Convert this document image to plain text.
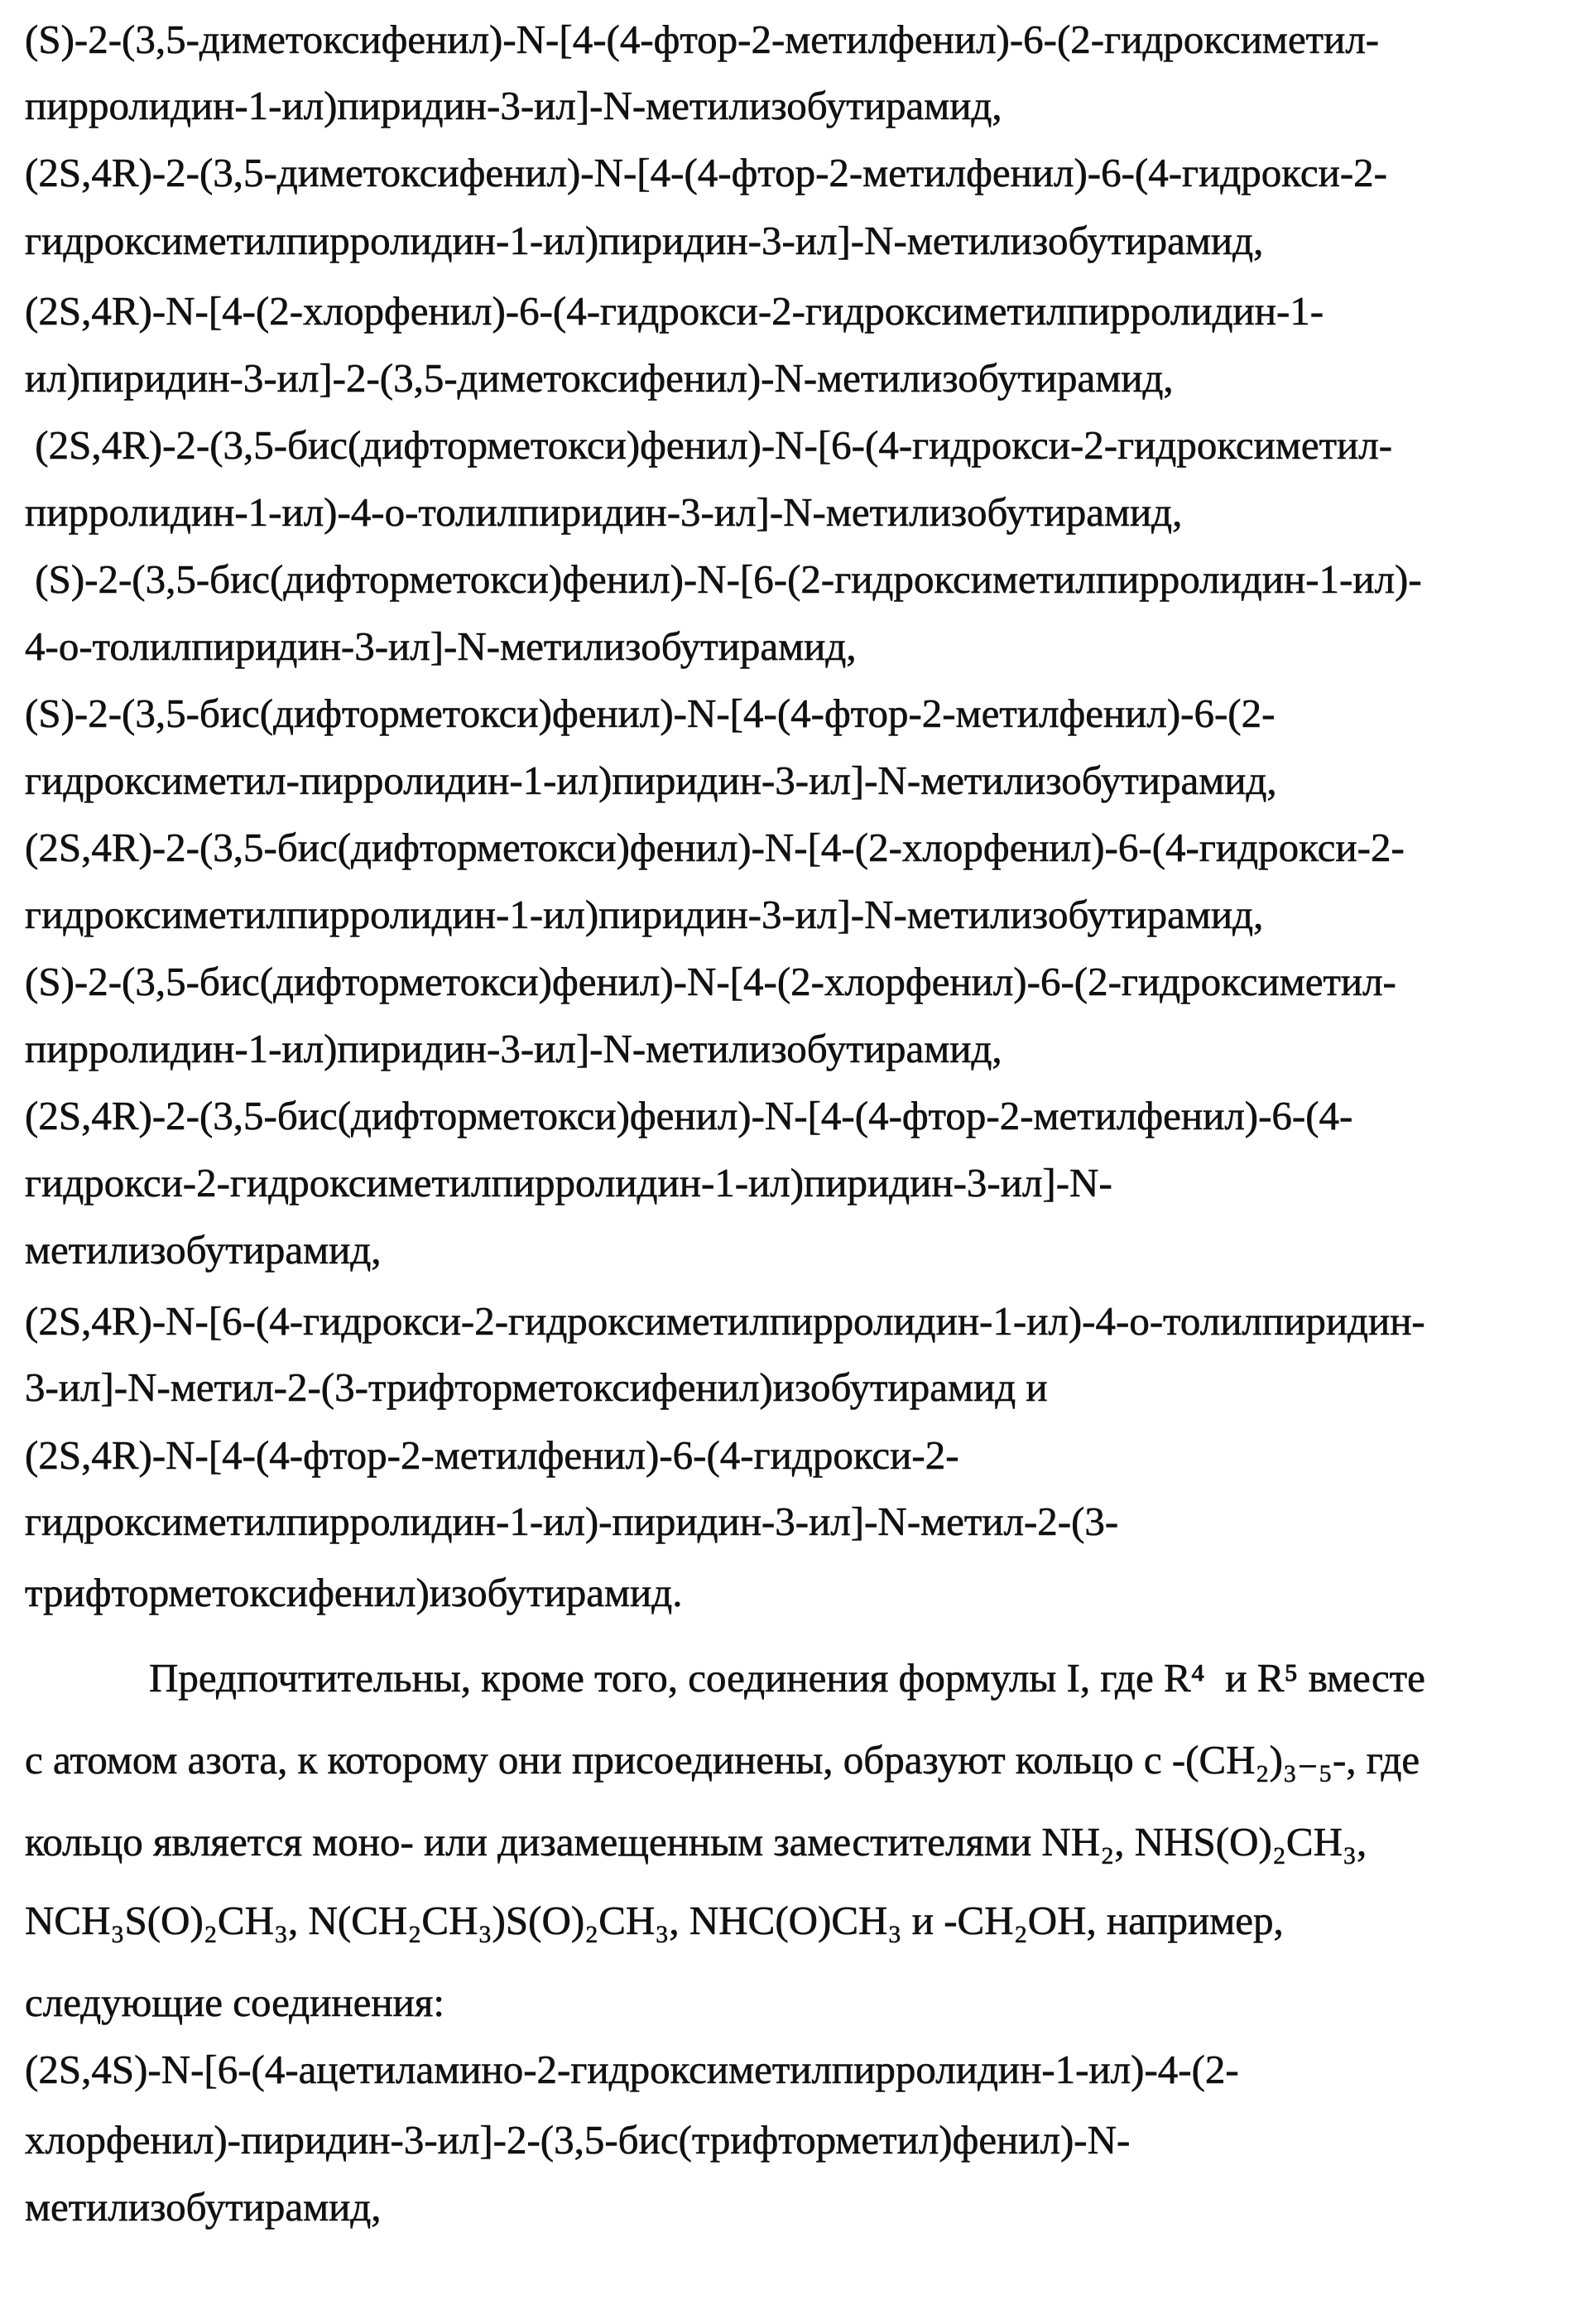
(S)-2-(3,5-диметоксифенил)-N-[4-(4-фтор-2-метилфенил)-6-(2-гидроксиметил-
пирролидин-1-ил)пиридин-3-ил]-N-метилизобутирамид,
(2S,4R)-2-(3,5-диметоксифенил)-N-[4-(4-фтор-2-метилфенил)-6-(4-гидрокси-2-
гидроксиметилпирролидин-1-ил)пиридин-3-ил]-N-метилизобутирамид,
(2S,4R)-N-[4-(2-хлорфенил)-6-(4-гидрокси-2-гидроксиметилпирролидин-1-
ил)пиридин-3-ил]-2-(3,5-диметоксифенил)-N-метилизобутирамид,
(2S,4R)-2-(3,5-бис(дифторметокси)фенил)-N-[6-(4-гидрокси-2-гидроксиметил-
пирролидин-1-ил)-4-о-толилпиридин-3-ил]-N-метилизобутирамид,
(S)-2-(3,5-бис(дифторметокси)фенил)-N-[6-(2-гидроксиметилпирролидин-1-ил)-
4-о-толилпиридин-3-ил]-N-метилизобутирамид,
(S)-2-(3,5-бис(дифторметокси)фенил)-N-[4-(4-фтор-2-метилфенил)-6-(2-
гидроксиметил-пирролидин-1-ил)пиридин-3-ил]-N-метилизобутирамид,
(2S,4R)-2-(3,5-бис(дифторметокси)фенил)-N-[4-(2-хлорфенил)-6-(4-гидрокси-2-
гидроксиметилпирролидин-1-ил)пиридин-3-ил]-N-метилизобутирамид,
(S)-2-(3,5-бис(дифторметокси)фенил)-N-[4-(2-хлорфенил)-6-(2-гидроксиметил-
пирролидин-1-ил)пиридин-3-ил]-N-метилизобутирамид,
(2S,4R)-2-(3,5-бис(дифторметокси)фенил)-N-[4-(4-фтор-2-метилфенил)-6-(4-
гидрокси-2-гидроксиметилпирролидин-1-ил)пиридин-3-ил]-N-
метилизобутирамид,
(2S,4R)-N-[6-(4-гидрокси-2-гидроксиметилпирролидин-1-ил)-4-о-толилпиридин-
3-ил]-N-метил-2-(3-трифторметоксифенил)изобутирамид и
(2S,4R)-N-[4-(4-фтор-2-метилфенил)-6-(4-гидрокси-2-
гидроксиметилпирролидин-1-ил)-пиридин-3-ил]-N-метил-2-(3-
трифторметоксифенил)изобутирамид.
Предпочтительны, кроме того, соединения формулы I, где R⁴  и R⁵ вместе
с атомом азота, к которому они присоединены, образуют кольцо с -(CH₂)₃₋₅-, где
кольцо является моно- или дизамещенным заместителями NH₂, NHS(O)₂CH₃,
NCH₃S(O)₂CH₃, N(CH₂CH₃)S(O)₂CH₃, NHC(O)CH₃ и -CH₂OH, например,
следующие соединения:
(2S,4S)-N-[6-(4-ацетиламино-2-гидроксиметилпирролидин-1-ил)-4-(2-
хлорфенил)-пиридин-3-ил]-2-(3,5-бис(трифторметил)фенил)-N-
метилизобутирамид,
